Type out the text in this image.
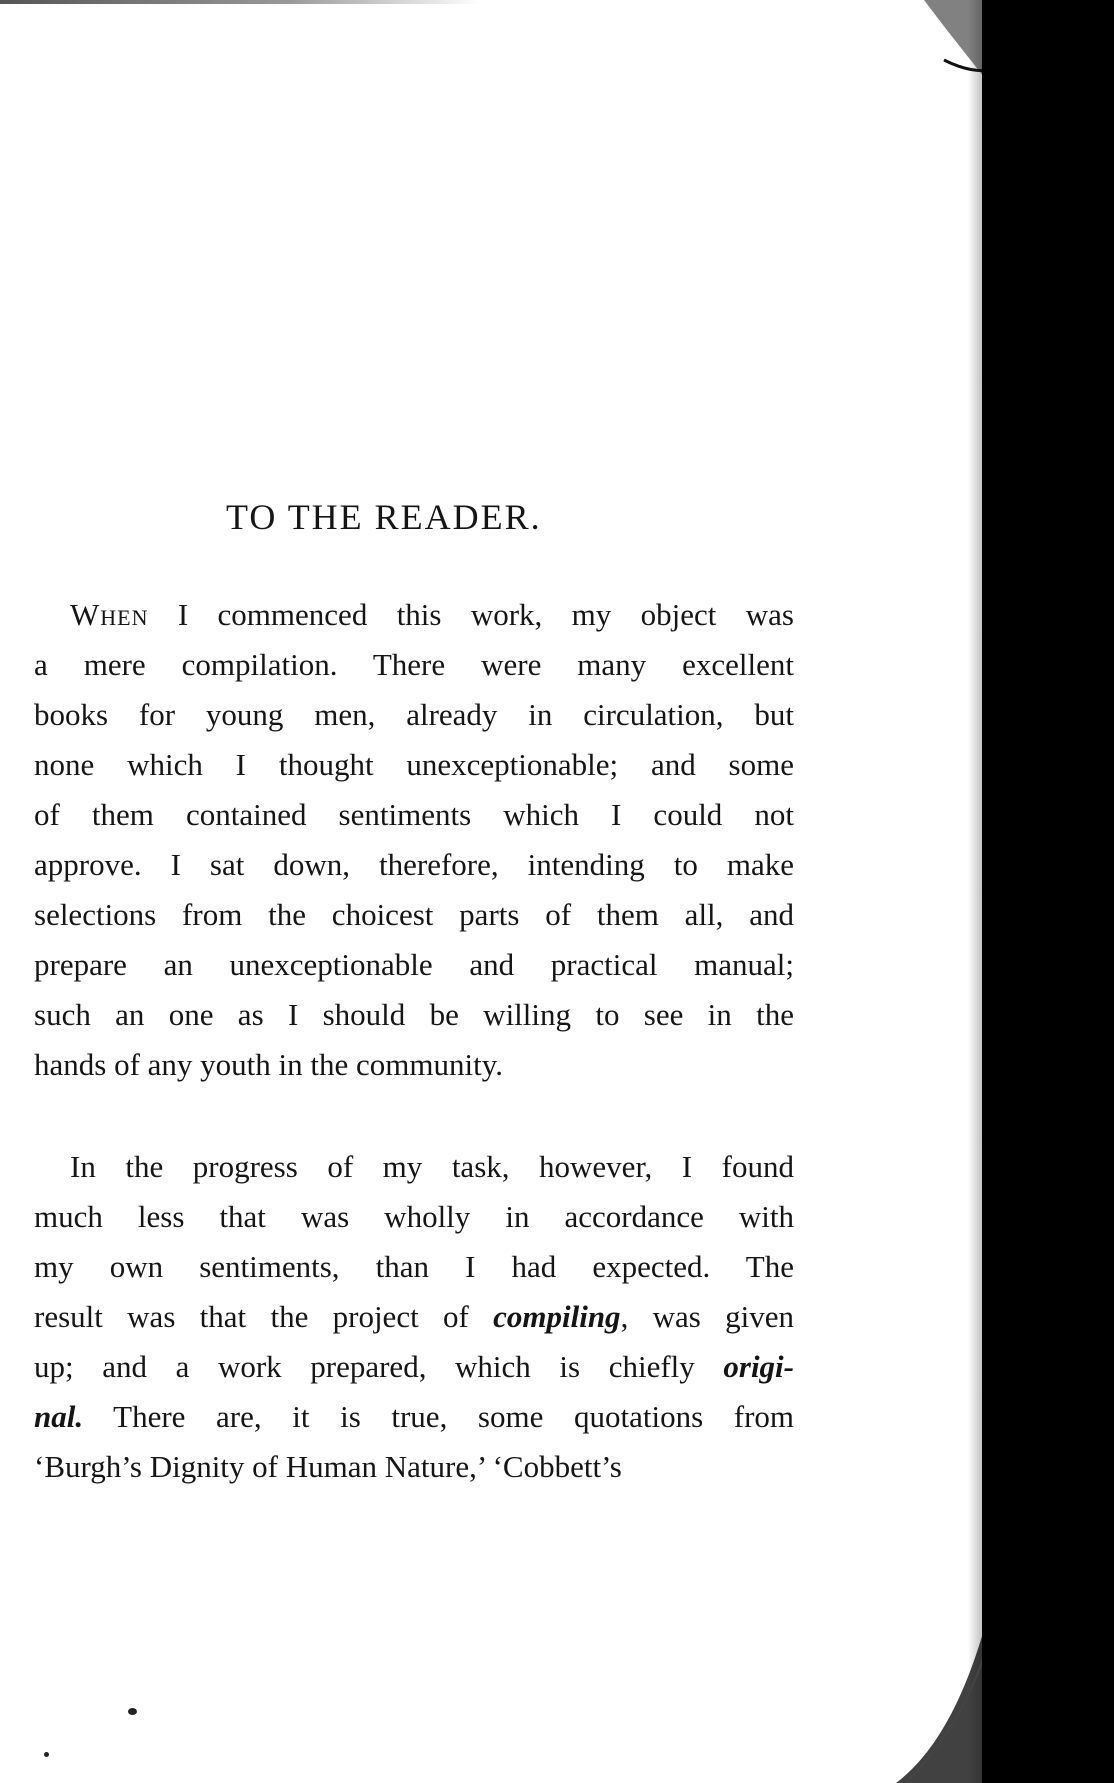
TO THE READER.

When I commenced this work, my object was
a mere compilation. There were many excellent
books for young men, already in circulation, but
none which I thought unexceptionable; and some
of them contained sentiments which I could not
approve. I sat down, therefore, intending to make
selections from the choicest parts of them all, and
prepare an unexceptionable and practical manual;
such an one as I should be willing to see in the
hands of any youth in the community.

In the progress of my task, however, I found
much less that was wholly in accordance with
my own sentiments, than I had expected. The
result was that the project of compiling, was given
up; and a work prepared, which is chiefly origi-
nal. There are, it is true, some quotations from
‘Burgh’s Dignity of Human Nature,’ ‘Cobbett’s
